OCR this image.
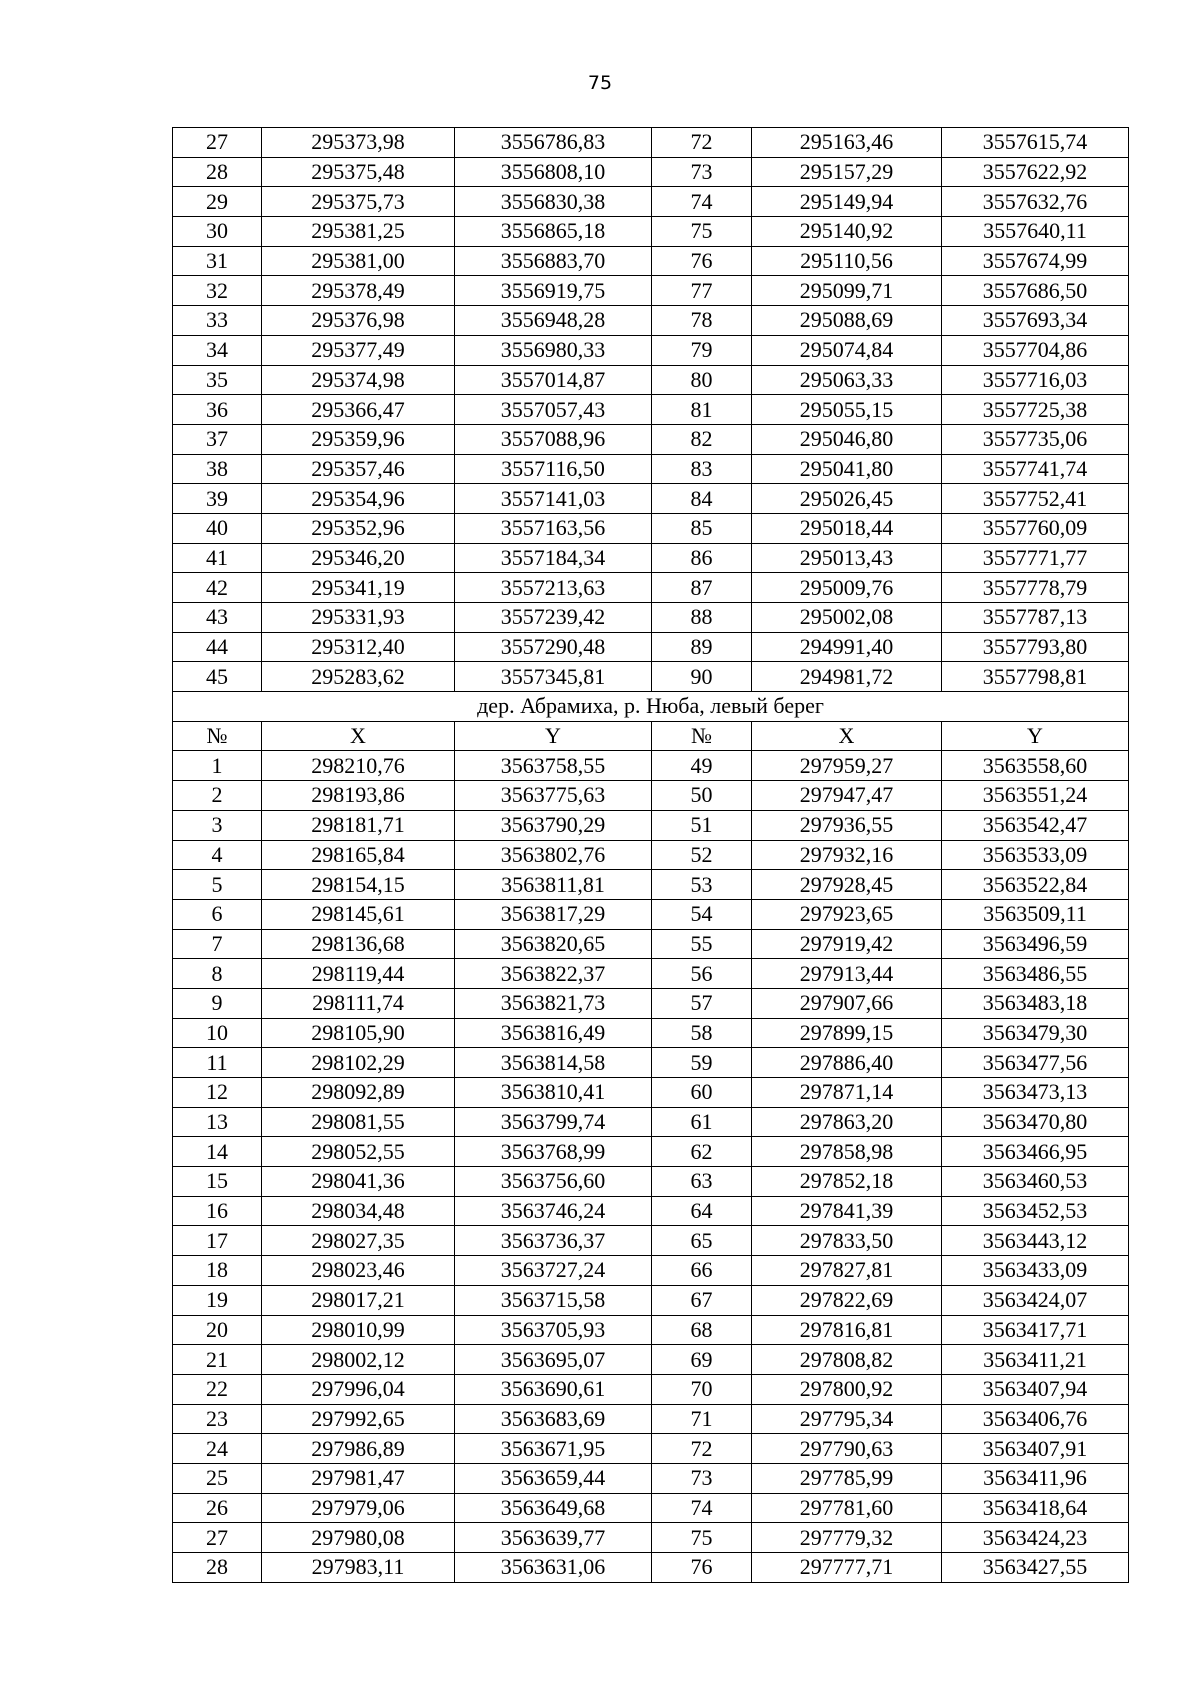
75
27	295373,98	3556786,83	72	295163,46	3557615,74
28	295375,48	3556808,10	73	295157,29	3557622,92
29	295375,73	3556830,38	74	295149,94	3557632,76
30	295381,25	3556865,18	75	295140,92	3557640,11
31	295381,00	3556883,70	76	295110,56	3557674,99
32	295378,49	3556919,75	77	295099,71	3557686,50
33	295376,98	3556948,28	78	295088,69	3557693,34
34	295377,49	3556980,33	79	295074,84	3557704,86
35	295374,98	3557014,87	80	295063,33	3557716,03
36	295366,47	3557057,43	81	295055,15	3557725,38
37	295359,96	3557088,96	82	295046,80	3557735,06
38	295357,46	3557116,50	83	295041,80	3557741,74
39	295354,96	3557141,03	84	295026,45	3557752,41
40	295352,96	3557163,56	85	295018,44	3557760,09
41	295346,20	3557184,34	86	295013,43	3557771,77
42	295341,19	3557213,63	87	295009,76	3557778,79
43	295331,93	3557239,42	88	295002,08	3557787,13
44	295312,40	3557290,48	89	294991,40	3557793,80
45	295283,62	3557345,81	90	294981,72	3557798,81
дер. Абрамиха, р. Нюба, левый берег					
№	X	Y	№	X	Y
1	298210,76	3563758,55	49	297959,27	3563558,60
2	298193,86	3563775,63	50	297947,47	3563551,24
3	298181,71	3563790,29	51	297936,55	3563542,47
4	298165,84	3563802,76	52	297932,16	3563533,09
5	298154,15	3563811,81	53	297928,45	3563522,84
6	298145,61	3563817,29	54	297923,65	3563509,11
7	298136,68	3563820,65	55	297919,42	3563496,59
8	298119,44	3563822,37	56	297913,44	3563486,55
9	298111,74	3563821,73	57	297907,66	3563483,18
10	298105,90	3563816,49	58	297899,15	3563479,30
11	298102,29	3563814,58	59	297886,40	3563477,56
12	298092,89	3563810,41	60	297871,14	3563473,13
13	298081,55	3563799,74	61	297863,20	3563470,80
14	298052,55	3563768,99	62	297858,98	3563466,95
15	298041,36	3563756,60	63	297852,18	3563460,53
16	298034,48	3563746,24	64	297841,39	3563452,53
17	298027,35	3563736,37	65	297833,50	3563443,12
18	298023,46	3563727,24	66	297827,81	3563433,09
19	298017,21	3563715,58	67	297822,69	3563424,07
20	298010,99	3563705,93	68	297816,81	3563417,71
21	298002,12	3563695,07	69	297808,82	3563411,21
22	297996,04	3563690,61	70	297800,92	3563407,94
23	297992,65	3563683,69	71	297795,34	3563406,76
24	297986,89	3563671,95	72	297790,63	3563407,91
25	297981,47	3563659,44	73	297785,99	3563411,96
26	297979,06	3563649,68	74	297781,60	3563418,64
27	297980,08	3563639,77	75	297779,32	3563424,23
28	297983,11	3563631,06	76	297777,71	3563427,55
